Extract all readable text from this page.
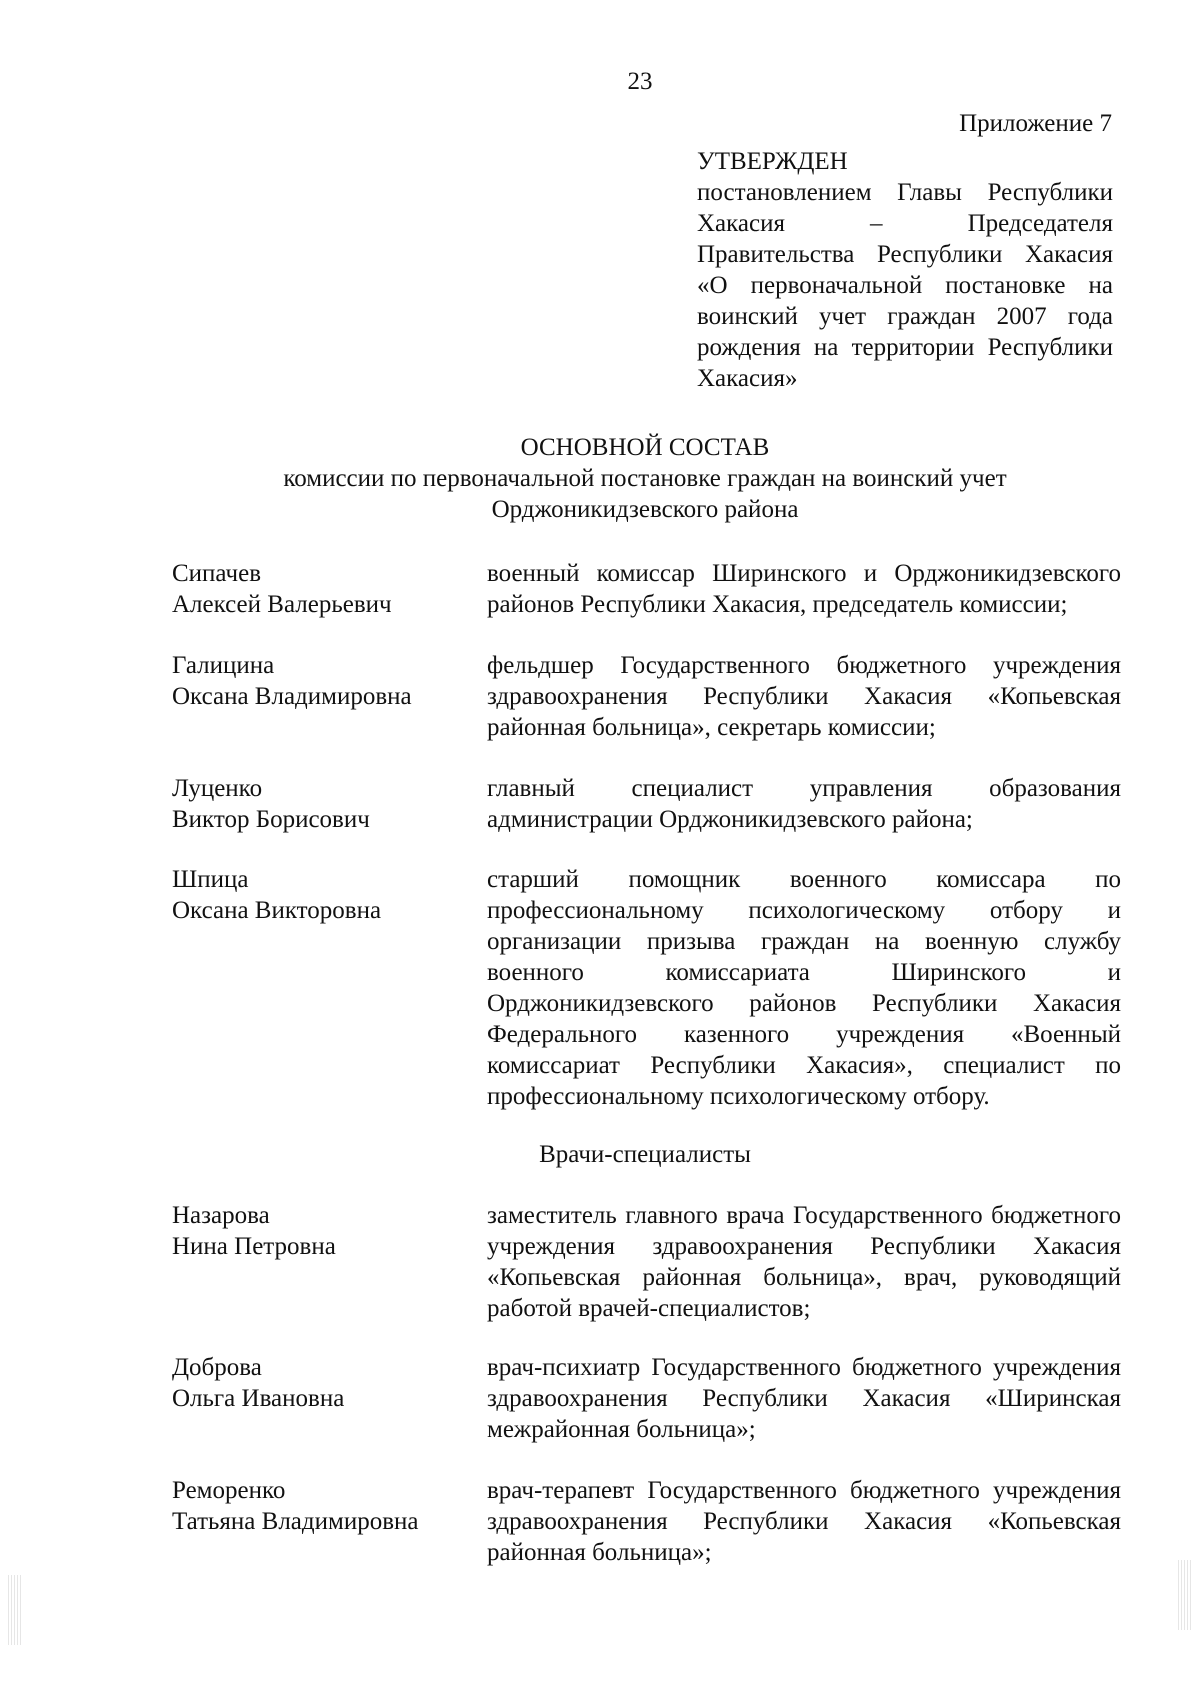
23
Приложение 7
УТВЕРЖДЕН
постановлением Главы Республики Хакасия – Председателя Правительства Республики Хакасия «О первоначальной постановке на воинский учет граждан 2007 года рождения на территории Республики Хакасия»
ОСНОВНОЙ СОСТАВ
комиссии по первоначальной постановке граждан на воинский учет
Орджоникидзевского района
Сипачев
Алексей Валерьевич
военный комиссар Ширинского и Орджоникидзевского районов Республики Хакасия, председатель комиссии;
Галицина
Оксана Владимировна
фельдшер Государственного бюджетного учреждения здравоохранения Республики Хакасия «Копьевская районная больница», секретарь комиссии;
Луценко
Виктор Борисович
главный специалист управления образования администрации Орджоникидзевского района;
Шпица
Оксана Викторовна
старший помощник военного комиссара по профессиональному психологическому отбору и организации призыва граждан на военную службу военного комиссариата Ширинского и Орджоникидзевского районов Республики Хакасия Федерального казенного учреждения «Военный комиссариат Республики Хакасия», специалист по профессиональному психологическому отбору.
Врачи-специалисты
Назарова
Нина Петровна
заместитель главного врача Государственного бюджетного учреждения здравоохранения Республики Хакасия «Копьевская районная больница», врач, руководящий работой врачей-специалистов;
Доброва
Ольга Ивановна
врач-психиатр Государственного бюджетного учреждения здравоохранения Республики Хакасия «Ширинская межрайонная больница»;
Реморенко
Татьяна Владимировна
врач-терапевт Государственного бюджетного учреждения здравоохранения Республики Хакасия «Копьевская районная больница»;
